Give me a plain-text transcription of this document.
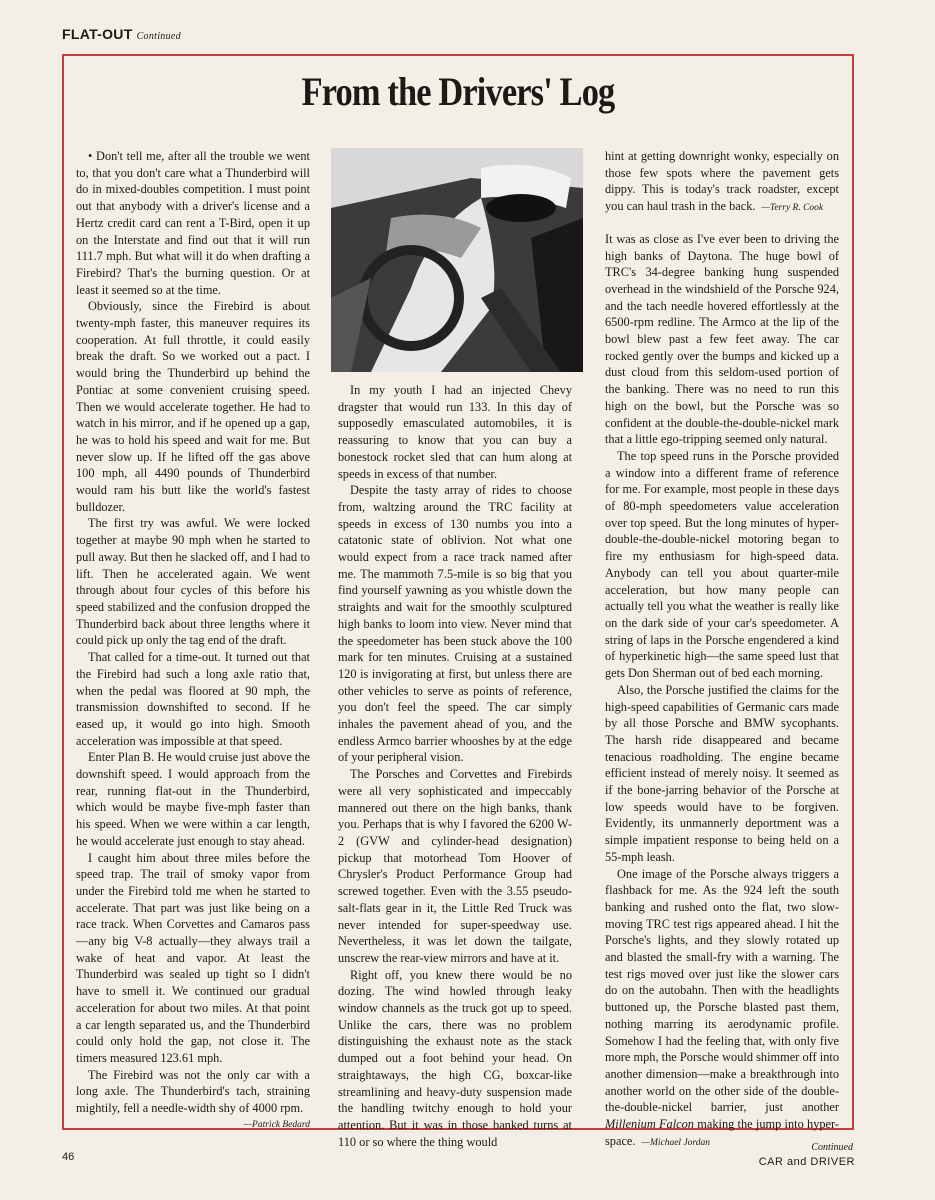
FLAT-OUT Continued
From the Drivers' Log

• Don't tell me, after all the trouble we went to, that you don't care what a Thunderbird will do in mixed-doubles competition. I must point out that anybody with a driver's license and a Hertz credit card can rent a T-Bird, open it up on the Interstate and find out that it will run 111.7 mph. But what will it do when drafting a Firebird? That's the burning question. Or at least it seemed so at the time.

Obviously, since the Firebird is about twenty-mph faster, this maneuver requires its cooperation. At full throttle, it could easily break the draft. So we worked out a pact. I would bring the Thunderbird up behind the Pontiac at some convenient cruising speed. Then we would accelerate together. He had to watch in his mirror, and if he opened up a gap, he was to hold his speed and wait for me. But never slow up. If he lifted off the gas above 100 mph, all 4490 pounds of Thunderbird would ram his butt like the world's fastest bulldozer.

The first try was awful. We were locked together at maybe 90 mph when he started to pull away. But then he slacked off, and I had to lift. Then he accelerated again. We went through about four cycles of this before his speed stabilized and the confusion dropped the Thunderbird back about three lengths where it could pick up only the tag end of the draft.

That called for a time-out. It turned out that the Firebird had such a long axle ratio that, when the pedal was floored at 90 mph, the transmission downshifted to second. If he eased up, it would go into high. Smooth acceleration was impossible at that speed.

Enter Plan B. He would cruise just above the downshift speed. I would approach from the rear, running flat-out in the Thunderbird, which would be maybe five-mph faster than his speed. When we were within a car length, he would accelerate just enough to stay ahead.

I caught him about three miles before the speed trap. The trail of smoky vapor from under the Firebird told me when he started to accelerate. That part was just like being on a race track. When Corvettes and Camaros pass—any big V-8 actually—they always trail a wake of heat and vapor. At least the Thunderbird was sealed up tight so I didn't have to smell it. We continued our gradual acceleration for about two miles. At that point a car length separated us, and the Thunderbird could only hold the gap, not close it. The timers measured 123.61 mph.

The Firebird was not the only car with a long axle. The Thunderbird's tach, straining mightily, fell a needle-width shy of 4000 rpm.
—Patrick Bedard

In my youth I had an injected Chevy dragster that would run 133. In this day of supposedly emasculated automobiles, it is reassuring to know that you can buy a bonestock rocket sled that can hum along at speeds in excess of that number.

Despite the tasty array of rides to choose from, waltzing around the TRC facility at speeds in excess of 130 numbs you into a catatonic state of oblivion. Not what one would expect from a race track named after me. The mammoth 7.5-mile is so big that you find yourself yawning as you whistle down the straights and wait for the smoothly sculptured high banks to loom into view. Never mind that the speedometer has been stuck above the 100 mark for ten minutes. Cruising at a sustained 120 is invigorating at first, but unless there are other vehicles to serve as points of reference, you don't feel the speed. The car simply inhales the pavement ahead of you, and the endless Armco barrier whooshes by at the edge of your peripheral vision.

The Porsches and Corvettes and Firebirds were all very sophisticated and impeccably mannered out there on the high banks, thank you. Perhaps that is why I favored the 6200 W-2 (GVW and cylinder-head designation) pickup that motorhead Tom Hoover of Chrysler's Product Performance Group had screwed together. Even with the 3.55 pseudo-salt-flats gear in it, the Little Red Truck was never intended for super-speedway use. Nevertheless, it was let down the tailgate, unscrew the rear-view mirrors and have at it.

Right off, you knew there would be no dozing. The wind howled through leaky window channels as the truck got up to speed. Unlike the cars, there was no problem distinguishing the exhaust note as the stack dumped out a foot behind your head. On straightaways, the high CG, boxcar-like streamlining and heavy-duty suspension made the handling twitchy enough to hold your attention. But it was in those banked turns at 110 or so where the thing would

hint at getting downright wonky, especially on those few spots where the pavement gets dippy. This is today's track roadster, except you can haul trash in the back. —Terry R. Cook

It was as close as I've ever been to driving the high banks of Daytona. The huge bowl of TRC's 34-degree banking hung suspended overhead in the windshield of the Porsche 924, and the tach needle hovered effortlessly at the 6500-rpm redline. The Armco at the lip of the bowl blew past a few feet away. The car rocked gently over the bumps and kicked up a dust cloud from this seldom-used portion of the banking. There was no need to run this high on the bowl, but the Porsche was so confident at the double-the-double-nickel mark that a little ego-tripping seemed only natural.

The top speed runs in the Porsche provided a window into a different frame of reference for me. For example, most people in these days of 80-mph speedometers value acceleration over top speed. But the long minutes of hyper-double-the-double-nickel motoring began to fire my enthusiasm for high-speed data. Anybody can tell you about quarter-mile acceleration, but how many people can actually tell you what the weather is really like on the dark side of your car's speedometer. A string of laps in the Porsche engendered a kind of hyperkinetic high—the same speed lust that gets Don Sherman out of bed each morning.

Also, the Porsche justified the claims for the high-speed capabilities of Germanic cars made by all those Porsche and BMW sycophants. The harsh ride disappeared and became tenacious roadholding. The engine became efficient instead of merely noisy. It seemed as if the bone-jarring behavior of the Porsche at low speeds would have to be forgiven. Evidently, its unmannerly deportment was a simple impatient response to being held on a 55-mph leash.

One image of the Porsche always triggers a flashback for me. As the 924 left the south banking and rushed onto the flat, two slow-moving TRC test rigs appeared ahead. I hit the Porsche's lights, and they slowly rotated up and blasted the small-fry with a warning. The test rigs moved over just like the slower cars do on the autobahn. Then with the headlights buttoned up, the Porsche blasted past them, nothing marring its aerodynamic profile. Somehow I had the feeling that, with only five more mph, the Porsche would shimmer off into another dimension—make a breakthrough into another world on the other side of the double-the-double-nickel barrier, just another Millenium Falcon making the jump into hyper-space. —Michael Jordan

46
Continued
CAR and DRIVER
